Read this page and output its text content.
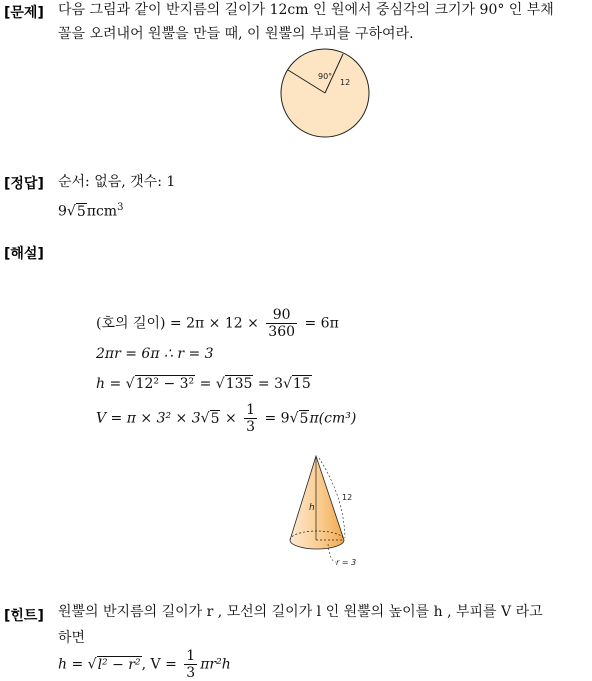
[문제] 다음 그림과 같이 반지름의 길이가 12cm 인 원에서 중심각의 크기가 90° 인 부채
꼴을 오려내어 원뿔을 만들 때, 이 원뿔의 부피를 구하여라.
90°
12
[정답] 순서: 없음, 갯수: 1
9√5πcm$^3$
[해설]
(호의 길이) = $2\pi \times 12 \times \frac{90}{360} = 6\pi$
2πr = 6π ∴ r = 3
h = √12² − 3² = √135 = 3√15
$V = \pi \times 3^2 \times 3√5 \times \frac{1}{3} = 9√5\pi(cm^3)$
h
12
r = 3
[힌트] 원뿔의 반지름의 길이가 r , 모선의 길이가 l 인 원뿔의 높이를 h , 부피를 V 라고
하면
h = √l² − r², $V = \frac{1}{3} \pi r^2h$
